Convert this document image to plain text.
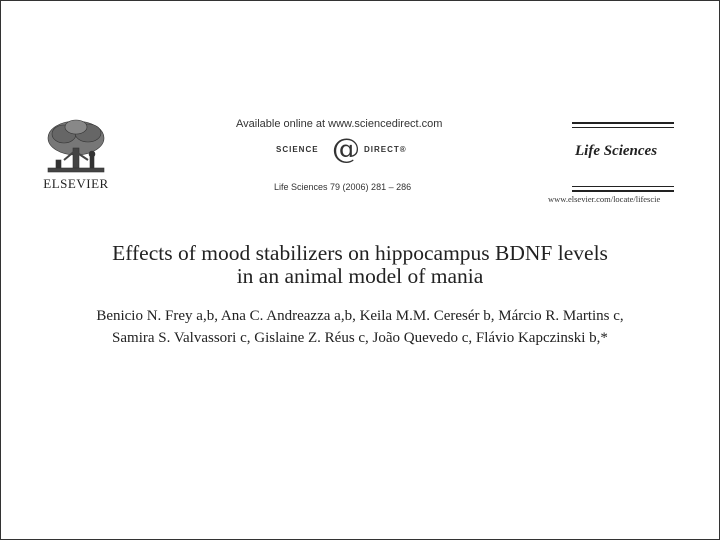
ELSEVIER
Available online at www.sciencedirect.com
SCIENCE @ DIRECT®
Life Sciences 79 (2006) 281 – 286
Life Sciences
www.elsevier.com/locate/lifescie
Effects of mood stabilizers on hippocampus BDNF levels
in an animal model of mania
Benicio N. Frey a,b, Ana C. Andreazza a,b, Keila M.M. Ceresér b, Márcio R. Martins c,
Samira S. Valvassori c, Gislaine Z. Réus c, João Quevedo c, Flávio Kapczinski b,*
